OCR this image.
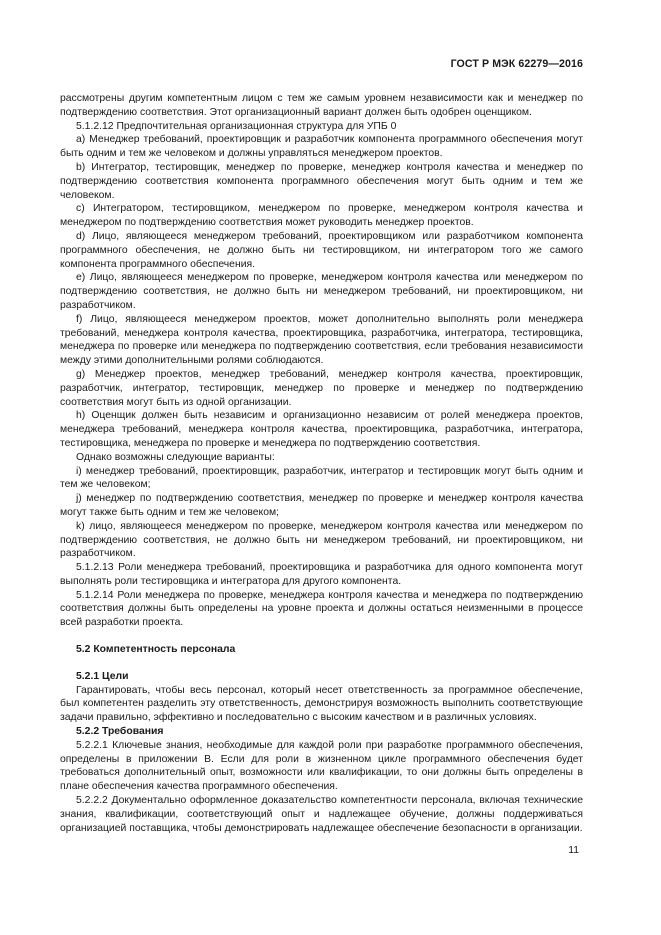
ГОСТ Р МЭК 62279—2016

рассмотрены другим компетентным лицом с тем же самым уровнем независимости как и менеджер по подтверждению соответствия. Этот организационный вариант должен быть одобрен оценщиком.

5.1.2.12 Предпочтительная организационная структура для УПБ 0

а) Менеджер требований, проектировщик и разработчик компонента программного обеспечения могут быть одним и тем же человеком и должны управляться менеджером проектов.

b) Интегратор, тестировщик, менеджер по проверке, менеджер контроля качества и менеджер по подтверждению соответствия компонента программного обеспечения могут быть одним и тем же человеком.

с) Интегратором, тестировщиком, менеджером по проверке, менеджером контроля качества и менеджером по подтверждению соответствия может руководить менеджер проектов.

d) Лицо, являющееся менеджером требований, проектировщиком или разработчиком компонента программного обеспечения, не должно быть ни тестировщиком, ни интегратором того же самого компонента программного обеспечения.

е) Лицо, являющееся менеджером по проверке, менеджером контроля качества или менеджером по подтверждению соответствия, не должно быть ни менеджером требований, ни проектировщиком, ни разработчиком.

f) Лицо, являющееся менеджером проектов, может дополнительно выполнять роли менеджера требований, менеджера контроля качества, проектировщика, разработчика, интегратора, тестировщика, менеджера по проверке или менеджера по подтверждению соответствия, если требования независимости между этими дополнительными ролями соблюдаются.

g) Менеджер проектов, менеджер требований, менеджер контроля качества, проектировщик, разработчик, интегратор, тестировщик, менеджер по проверке и менеджер по подтверждению соответствия могут быть из одной организации.

h) Оценщик должен быть независим и организационно независим от ролей менеджера проектов, менеджера требований, менеджера контроля качества, проектировщика, разработчика, интегратора, тестировщика, менеджера по проверке и менеджера по подтверждению соответствия.

Однако возможны следующие варианты:

i) менеджер требований, проектировщик, разработчик, интегратор и тестировщик могут быть одним и тем же человеком;

j) менеджер по подтверждению соответствия, менеджер по проверке и менеджер контроля качества могут также быть одним и тем же человеком;

k) лицо, являющееся менеджером по проверке, менеджером контроля качества или менеджером по подтверждению соответствия, не должно быть ни менеджером требований, ни проектировщиком, ни разработчиком.

5.1.2.13 Роли менеджера требований, проектировщика и разработчика для одного компонента могут выполнять роли тестировщика и интегратора для другого компонента.

5.1.2.14 Роли менеджера по проверке, менеджера контроля качества и менеджера по подтверждению соответствия должны быть определены на уровне проекта и должны остаться неизменными в процессе всей разработки проекта.

5.2 Компетентность персонала

5.2.1 Цели

Гарантировать, чтобы весь персонал, который несет ответственность за программное обеспечение, был компетентен разделить эту ответственность, демонстрируя возможность выполнить соответствующие задачи правильно, эффективно и последовательно с высоким качеством и в различных условиях.

5.2.2 Требования

5.2.2.1 Ключевые знания, необходимые для каждой роли при разработке программного обеспечения, определены в приложении В. Если для роли в жизненном цикле программного обеспечения будет требоваться дополнительный опыт, возможности или квалификации, то они должны быть определены в плане обеспечения качества программного обеспечения.

5.2.2.2 Документально оформленное доказательство компетентности персонала, включая технические знания, квалификации, соответствующий опыт и надлежащее обучение, должны поддерживаться организацией поставщика, чтобы демонстрировать надлежащее обеспечение безопасности в организации.

11
